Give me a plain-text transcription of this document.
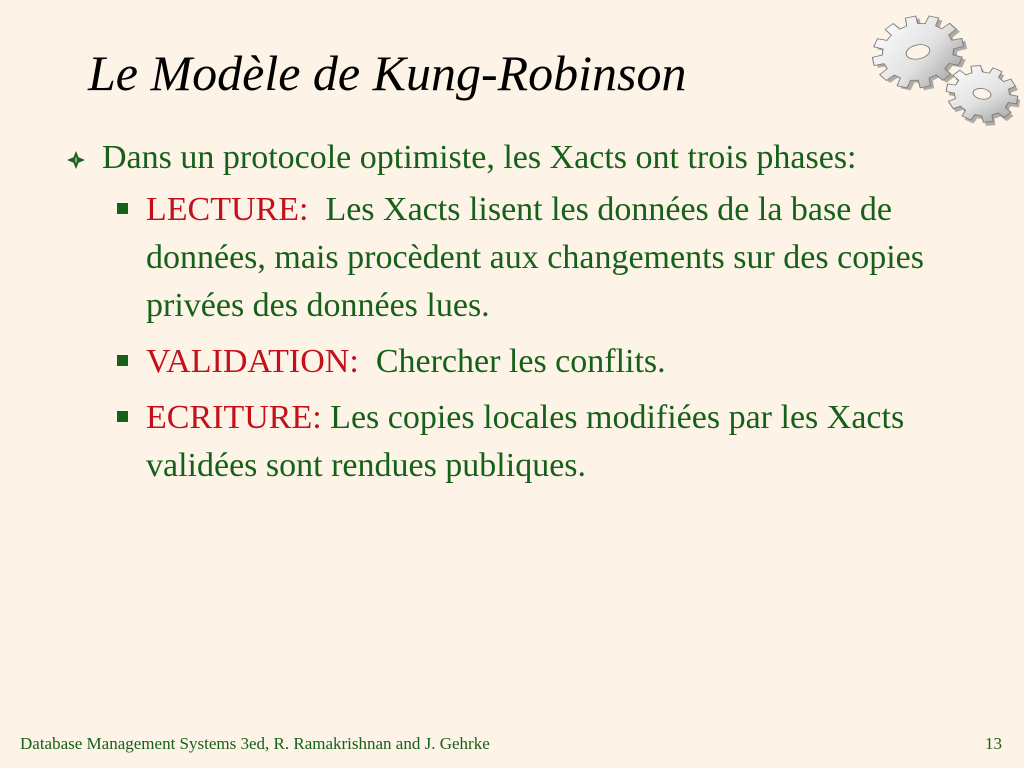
Le Modèle de Kung-Robinson
Dans un protocole optimiste, les Xacts ont trois phases:
LECTURE: Les Xacts lisent les données de la base de données, mais procèdent aux changements sur des copies privées des données lues.
VALIDATION: Chercher les conflits.
ECRITURE: Les copies locales modifiées par les Xacts validées sont rendues publiques.
Database Management Systems 3ed, R. Ramakrishnan and J. Gehrke	13
